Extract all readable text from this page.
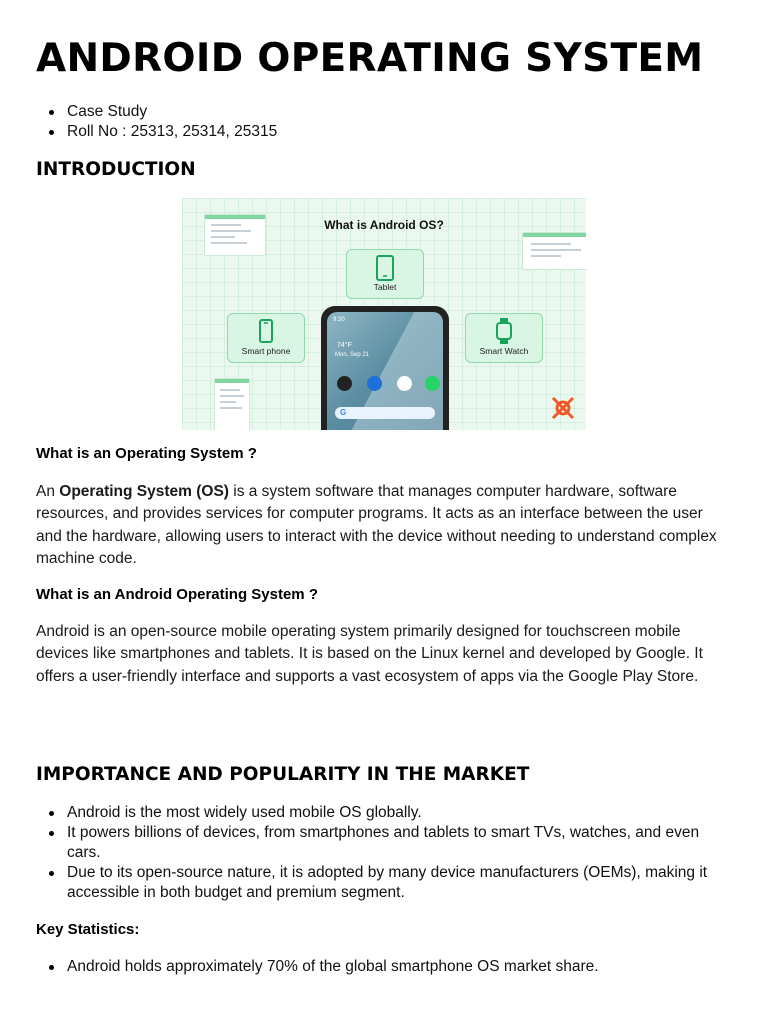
ANDROID OPERATING SYSTEM
Case Study
Roll No : 25313, 25314, 25315
INTRODUCTION
What is Android OS?
Tablet
Smart phone	Smart Watch
9:30
74°F
Mon, Sep 21
G

What is an Operating System ?

An Operating System (OS) is a system software that manages computer hardware, software resources, and provides services for computer programs. It acts as an interface between the user and the hardware, allowing users to interact with the device without needing to understand complex machine code.

What is an Android Operating System ?

Android is an open-source mobile operating system primarily designed for touchscreen mobile devices like smartphones and tablets. It is based on the Linux kernel and developed by Google. It offers a user-friendly interface and supports a vast ecosystem of apps via the Google Play Store.

IMPORTANCE AND POPULARITY IN THE MARKET
Android is the most widely used mobile OS globally.
It powers billions of devices, from smartphones and tablets to smart TVs, watches, and even cars.
Due to its open-source nature, it is adopted by many device manufacturers (OEMs), making it accessible in both budget and premium segment.

Key Statistics:

Android holds approximately 70% of the global smartphone OS market share.
